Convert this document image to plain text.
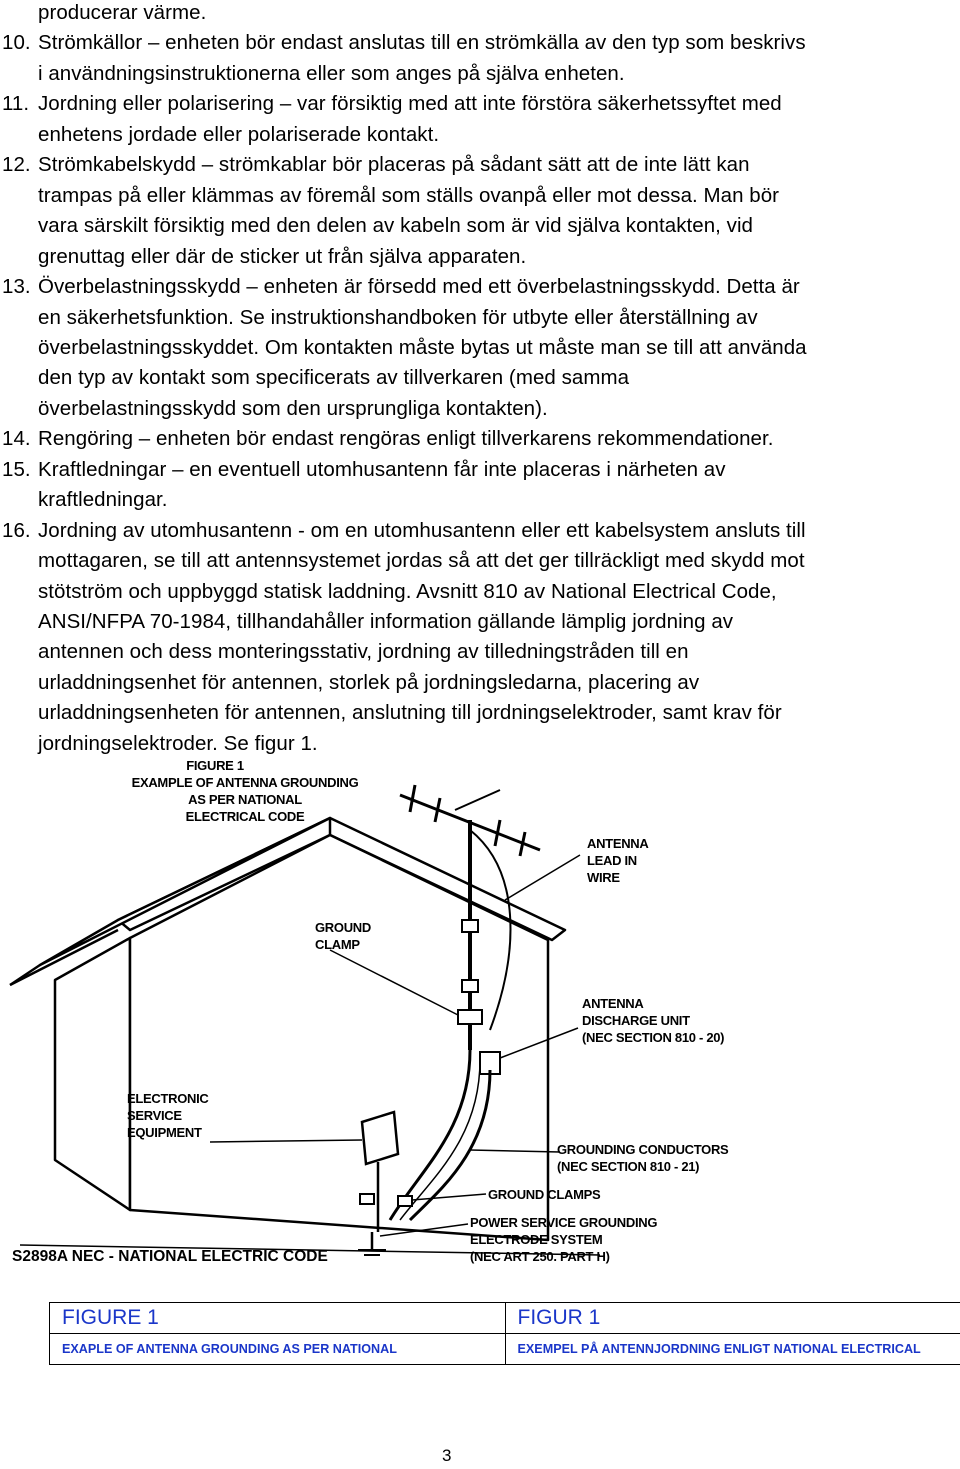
producerar värme.
10. Strömkällor – enheten bör endast anslutas till en strömkälla av den typ som beskrivs
i användningsinstruktionerna eller som anges på själva enheten.
11. Jordning eller polarisering – var försiktig med att inte förstöra säkerhetssyftet med
enhetens jordade eller polariserade kontakt.
12. Strömkabelskydd – strömkablar bör placeras på sådant sätt att de inte lätt kan
trampas på eller klämmas av föremål som ställs ovanpå eller mot dessa. Man bör
vara särskilt försiktig med den delen av kabeln som är vid själva kontakten, vid
grenuttag eller där de sticker ut från själva apparaten.
13. Överbelastningsskydd – enheten är försedd med ett överbelastningsskydd. Detta är
en säkerhetsfunktion. Se instruktionshandboken för utbyte eller återställning av
överbelastningsskyddet. Om kontakten måste bytas ut måste man se till att använda
den typ av kontakt som specificerats av tillverkaren (med samma
överbelastningsskydd som den ursprungliga kontakten).
14. Rengöring – enheten bör endast rengöras enligt tillverkarens rekommendationer.
15. Kraftledningar – en eventuell utomhusantenn får inte placeras i närheten av
kraftledningar.
16. Jordning av utomhusantenn - om en utomhusantenn eller ett kabelsystem ansluts till
mottagaren, se till att antennsystemet jordas så att det ger tillräckligt med skydd mot
stötström och uppbyggd statisk laddning. Avsnitt 810 av National Electrical Code,
ANSI/NFPA 70-1984, tillhandahåller information gällande lämplig jordning av
antennen och dess monteringsstativ, jordning av tilledningstråden till en
urladdningsenhet för antennen, storlek på jordningsledarna, placering av
urladdningsenheten för antennen, anslutning till jordningselektroder, samt krav för
jordningselektroder. Se figur 1.
FIGURE 1
EXAMPLE OF ANTENNA GROUNDING
AS PER NATIONAL
ELECTRICAL CODE
ANTENNA
LEAD IN
WIRE
GROUND
CLAMP
ANTENNA
DISCHARGE UNIT
(NEC SECTION 810 - 20)
ELECTRONIC
SERVICE
EQUIPMENT
GROUNDING CONDUCTORS
(NEC SECTION 810 - 21)
GROUND CLAMPS
POWER SERVICE GROUNDING
ELECTRODE SYSTEM
(NEC ART 250. PART H)
S2898A NEC - NATIONAL ELECTRIC CODE
FIGURE 1	FIGUR 1
EXAPLE OF ANTENNA GROUNDING AS PER NATIONAL	EXEMPEL PÅ ANTENNJORDNING ENLIGT NATIONAL ELECTRICAL
3
